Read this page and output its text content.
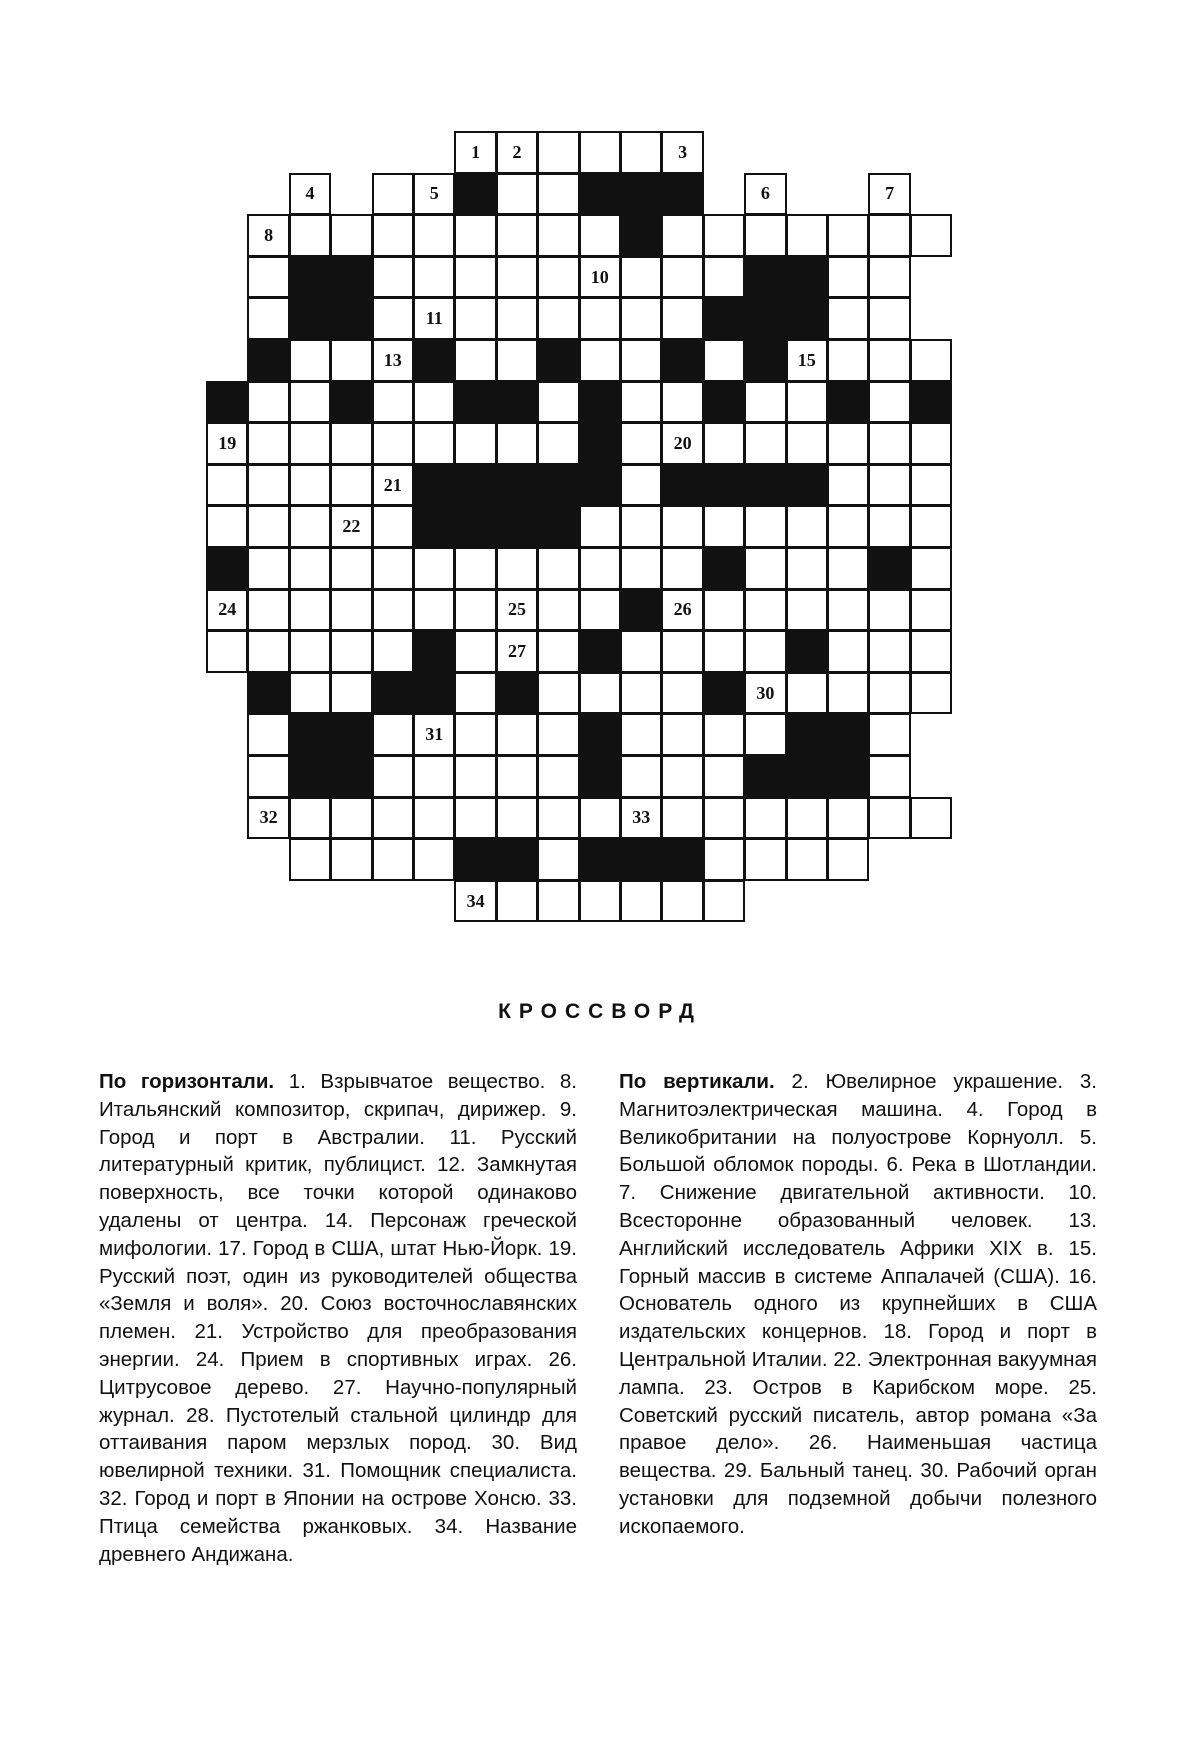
1	2	3
4	5	6	7
8	9
10
11
12	13	14	15
16	17	18
19	20
21
22
23
24	25	26
27
28	29	30
31
32	33
34
КРОССВОРД
По горизонтали. 1. Взрывчатое вещество. 8. Итальянский композитор, скрипач, дирижер. 9. Город и порт в Австралии. 11. Русский литературный критик, публицист. 12. Замкнутая поверхность, все точки которой одинаково удалены от центра. 14. Персонаж греческой мифологии. 17. Город в США, штат Нью-Йорк. 19. Русский поэт, один из руководителей общества «Земля и воля». 20. Союз восточнославянских племен. 21. Устройство для преобразования энергии. 24. Прием в спортивных играх. 26. Цитрусовое дерево. 27. Научно-популярный журнал. 28. Пустотелый стальной цилиндр для оттаивания паром мерзлых пород. 30. Вид ювелирной техники. 31. Помощник специалиста. 32. Город и порт в Японии на острове Хонсю. 33. Птица семейства ржанковых. 34. Название древнего Андижана.
По вертикали. 2. Ювелирное украшение. 3. Магнитоэлектрическая машина. 4. Город в Великобритании на полуострове Корнуолл. 5. Большой обломок породы. 6. Река в Шотландии. 7. Снижение двигательной активности. 10. Всесторонне образованный человек. 13. Английский исследователь Африки XIX в. 15. Горный массив в системе Аппалачей (США). 16. Основатель одного из крупнейших в США издательских концернов. 18. Город и порт в Центральной Италии. 22. Электронная вакуумная лампа. 23. Остров в Карибском море. 25. Советский русский писатель, автор романа «За правое дело». 26. Наименьшая частица вещества. 29. Бальный танец. 30. Рабочий орган установки для подземной добычи полезного ископаемого.
